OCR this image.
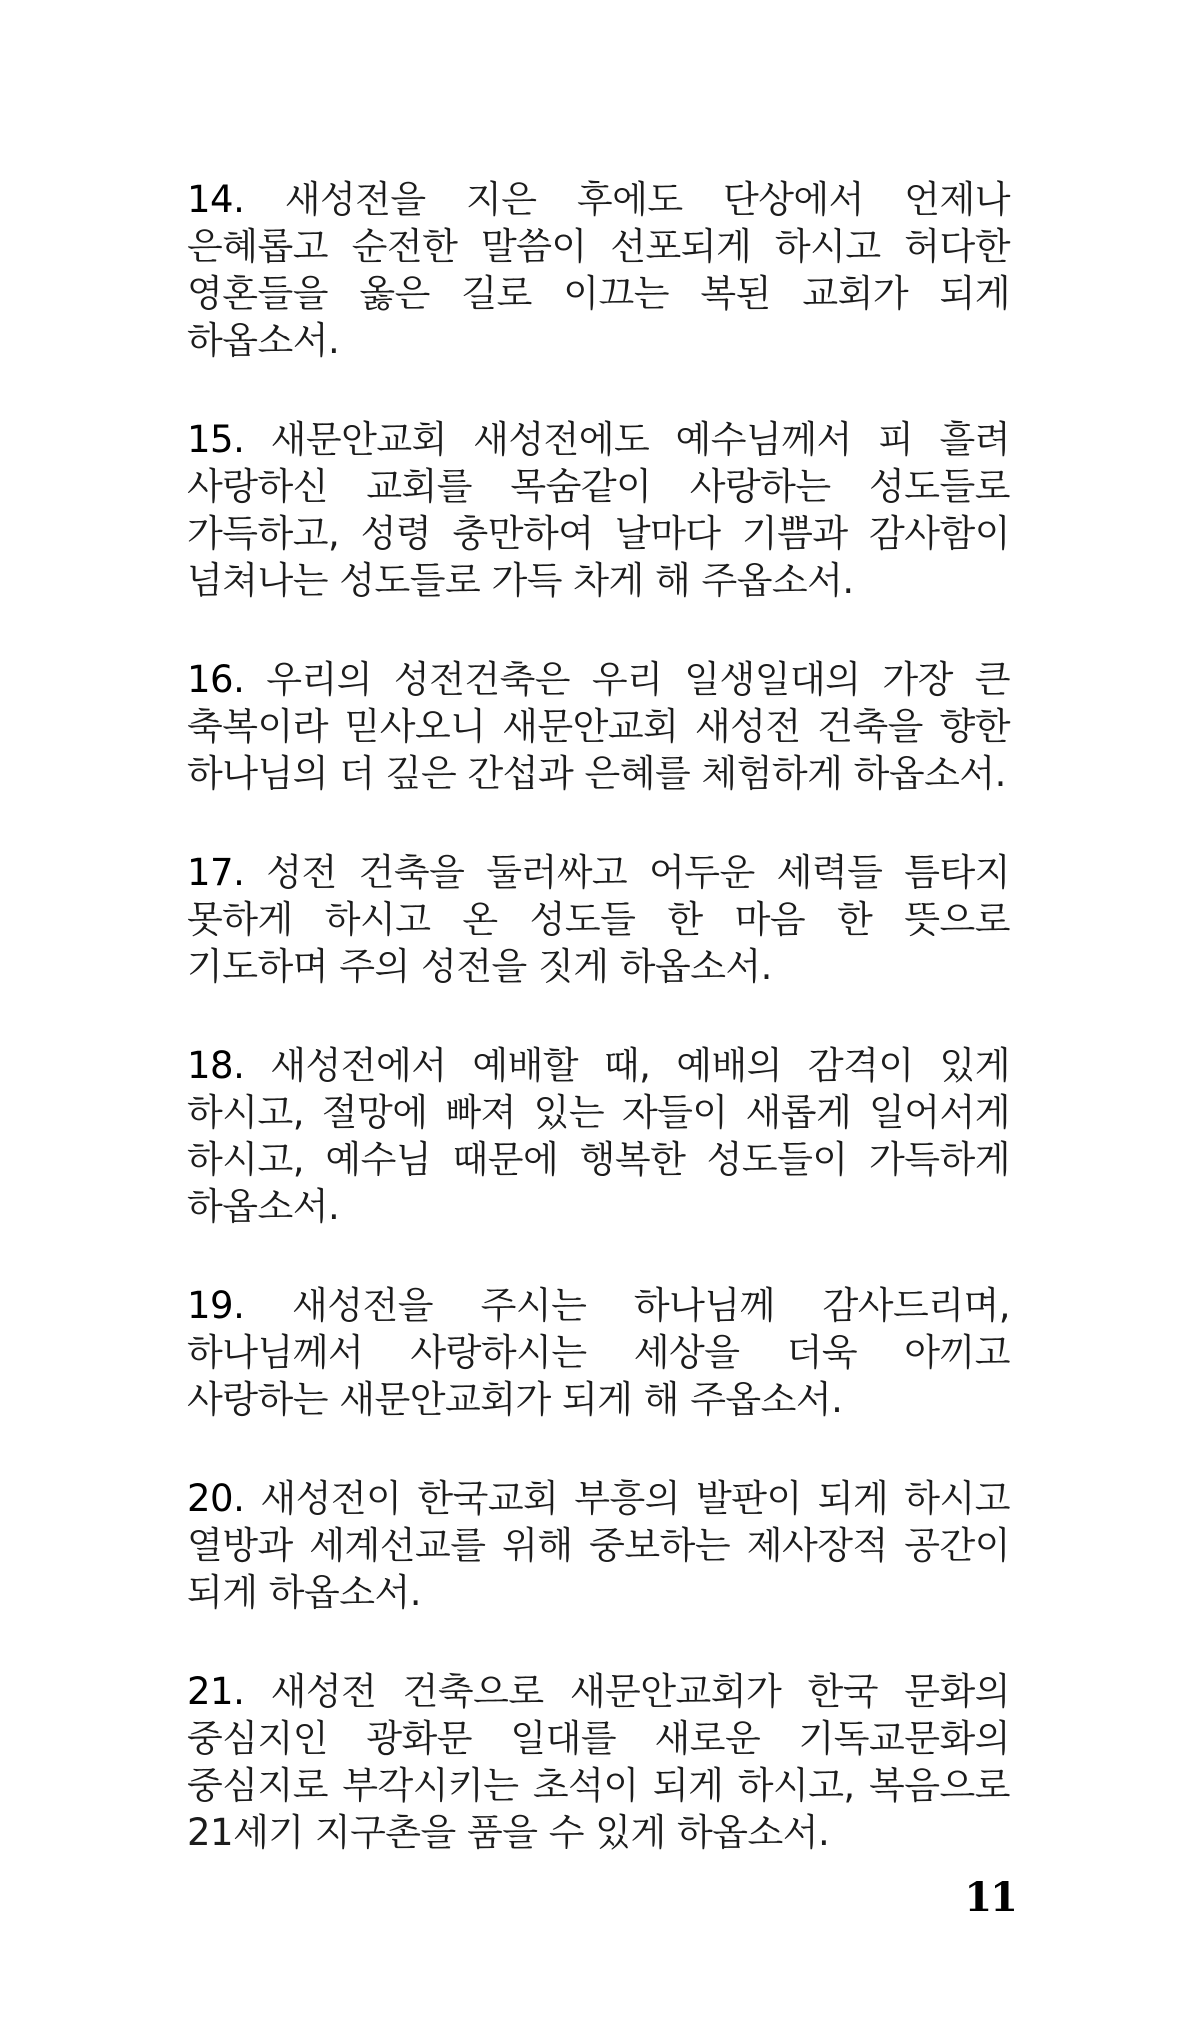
14. 새성전을 지은 후에도 단상에서 언제나 은혜롭고 순전한 말씀이 선포되게 하시고 허다한 영혼들을 옳은 길로 이끄는 복된 교회가 되게 하옵소서.

15. 새문안교회 새성전에도 예수님께서 피 흘려 사랑하신 교회를 목숨같이 사랑하는 성도들로 가득하고, 성령 충만하여 날마다 기쁨과 감사함이 넘쳐나는 성도들로 가득 차게 해 주옵소서.

16. 우리의 성전건축은 우리 일생일대의 가장 큰 축복이라 믿사오니 새문안교회 새성전 건축을 향한 하나님의 더 깊은 간섭과 은혜를 체험하게 하옵소서.

17. 성전 건축을 둘러싸고 어두운 세력들 틈타지 못하게 하시고 온 성도들 한 마음 한 뜻으로 기도하며 주의 성전을 짓게 하옵소서.

18. 새성전에서 예배할 때, 예배의 감격이 있게 하시고, 절망에 빠져 있는 자들이 새롭게 일어서게 하시고, 예수님 때문에 행복한 성도들이 가득하게 하옵소서.

19. 새성전을 주시는 하나님께 감사드리며, 하나님께서 사랑하시는 세상을 더욱 아끼고 사랑하는 새문안교회가 되게 해 주옵소서.

20. 새성전이 한국교회 부흥의 발판이 되게 하시고 열방과 세계선교를 위해 중보하는 제사장적 공간이 되게 하옵소서.

21. 새성전 건축으로 새문안교회가 한국 문화의 중심지인 광화문 일대를 새로운 기독교문화의 중심지로 부각시키는 초석이 되게 하시고, 복음으로 21세기 지구촌을 품을 수 있게 하옵소서.

11
